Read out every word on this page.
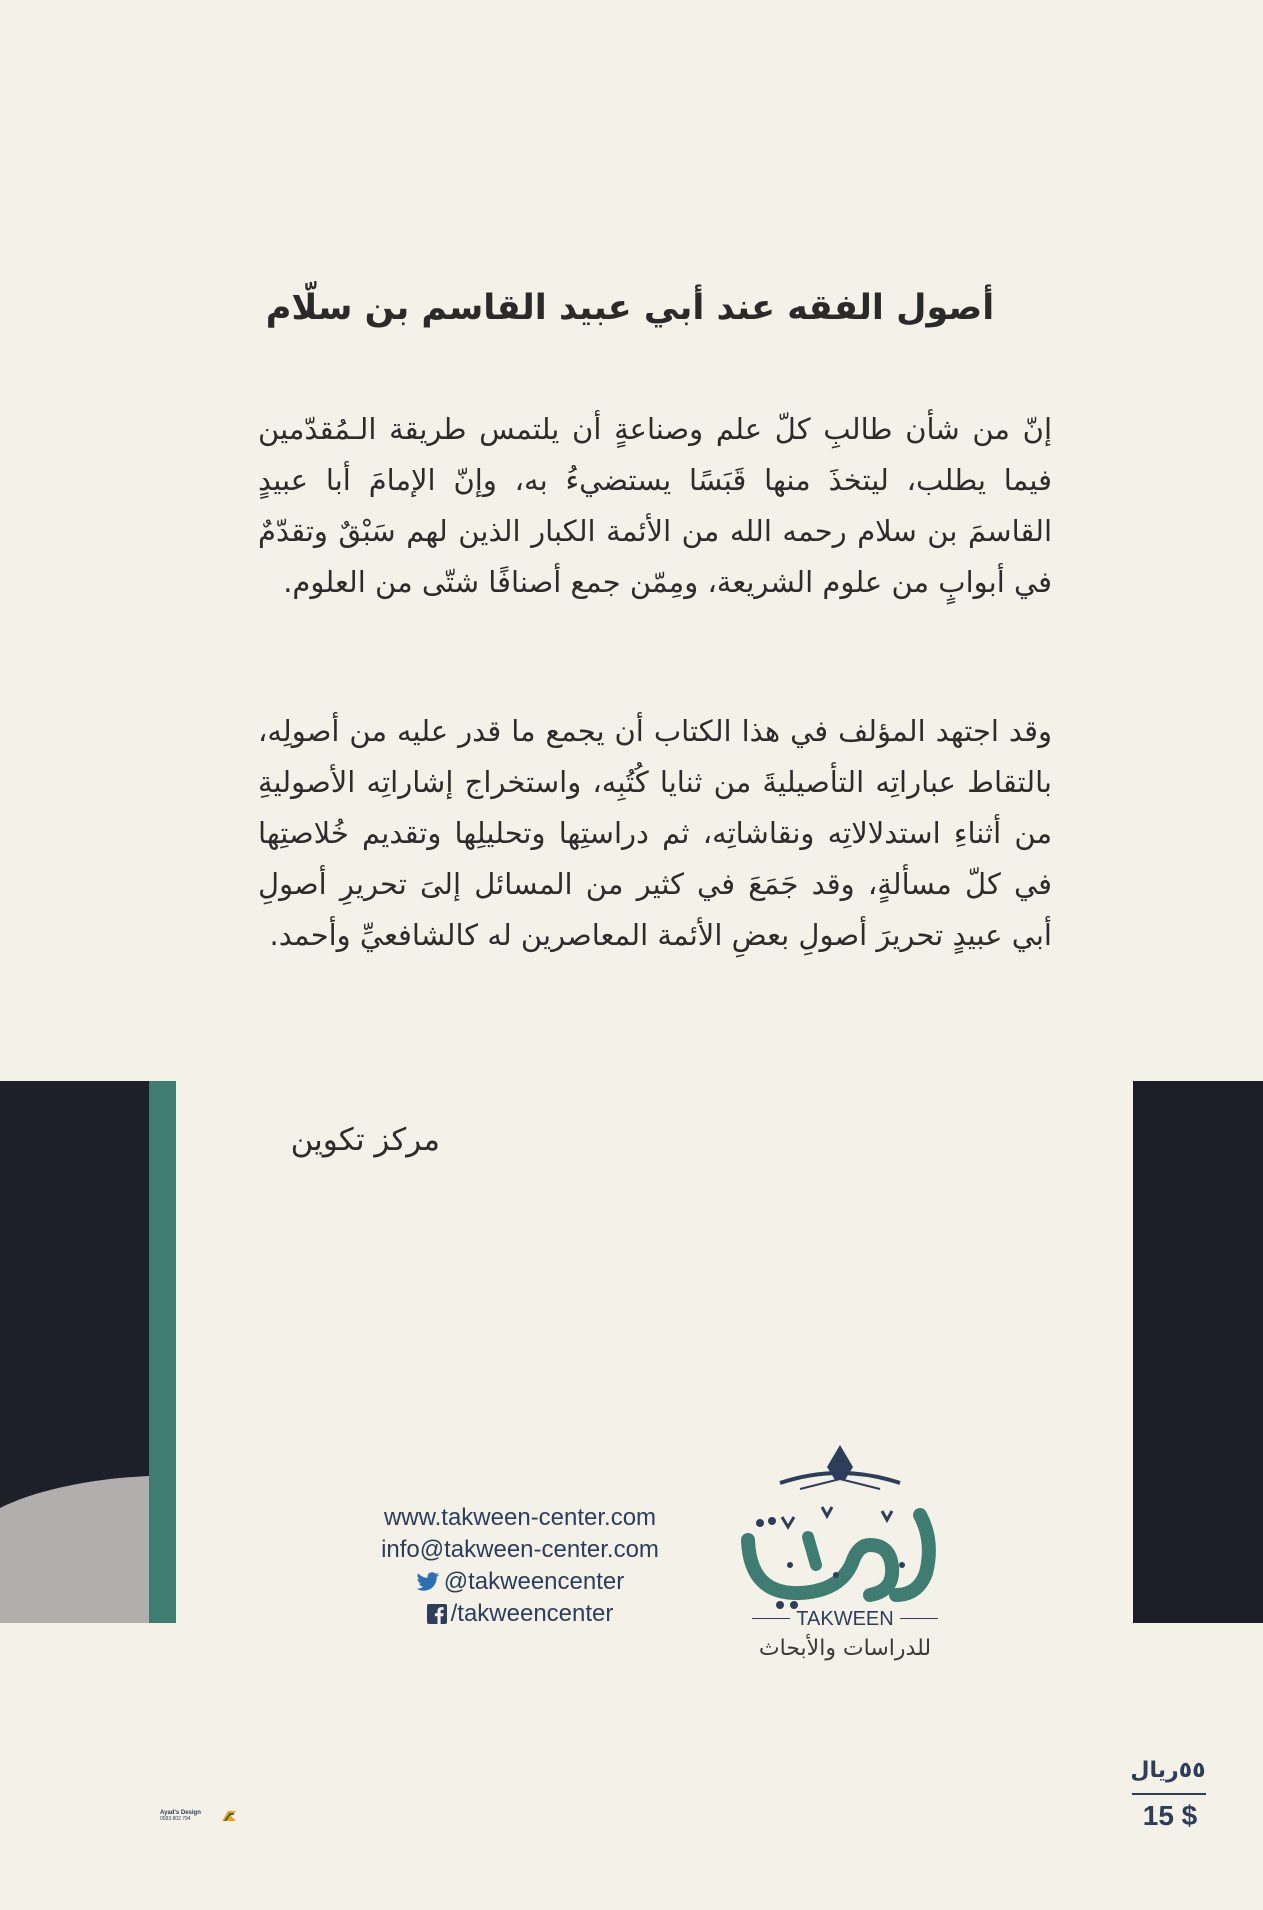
أصول الفقه عند أبي عبيد القاسم بن سلّام
إنّ من شأن طالبِ كلّ علم وصناعةٍ أن يلتمس طريقة الـمُقدّمين فيما يطلب، ليتخذَ منها قَبَسًا يستضيءُ به، وإنّ الإمامَ أبا عبيدٍ القاسمَ بن سلام رحمه الله من الأئمة الكبار الذين لهم سَبْقٌ وتقدّمٌ في أبوابٍ من علوم الشريعة، ومِمّن جمع أصنافًا شتّى من العلوم.
وقد اجتهد المؤلف في هذا الكتاب أن يجمع ما قدر عليه من أصولِه، بالتقاط عباراتِه التأصيليةَ من ثنايا كُتُبِه، واستخراج إشاراتِه الأصوليةِ من أثناءِ استدلالاتِه ونقاشاتِه، ثم دراستِها وتحليلِها وتقديم خُلاصتِها في كلّ مسألةٍ، وقد جَمَعَ في كثير من المسائل إلىَ تحريرِ أصولِ أبي عبيدٍ تحريرَ أصولِ بعضِ الأئمة المعاصرين له كالشافعيِّ وأحمد.
مركز تكوين
www.takween-center.com
info@takween-center.com
@takweencenter
/takweencenter	TAKWEEN
للدراسات والأبحاث
٥٥ريال
15 $
Ayad's Design
0583 802 794
